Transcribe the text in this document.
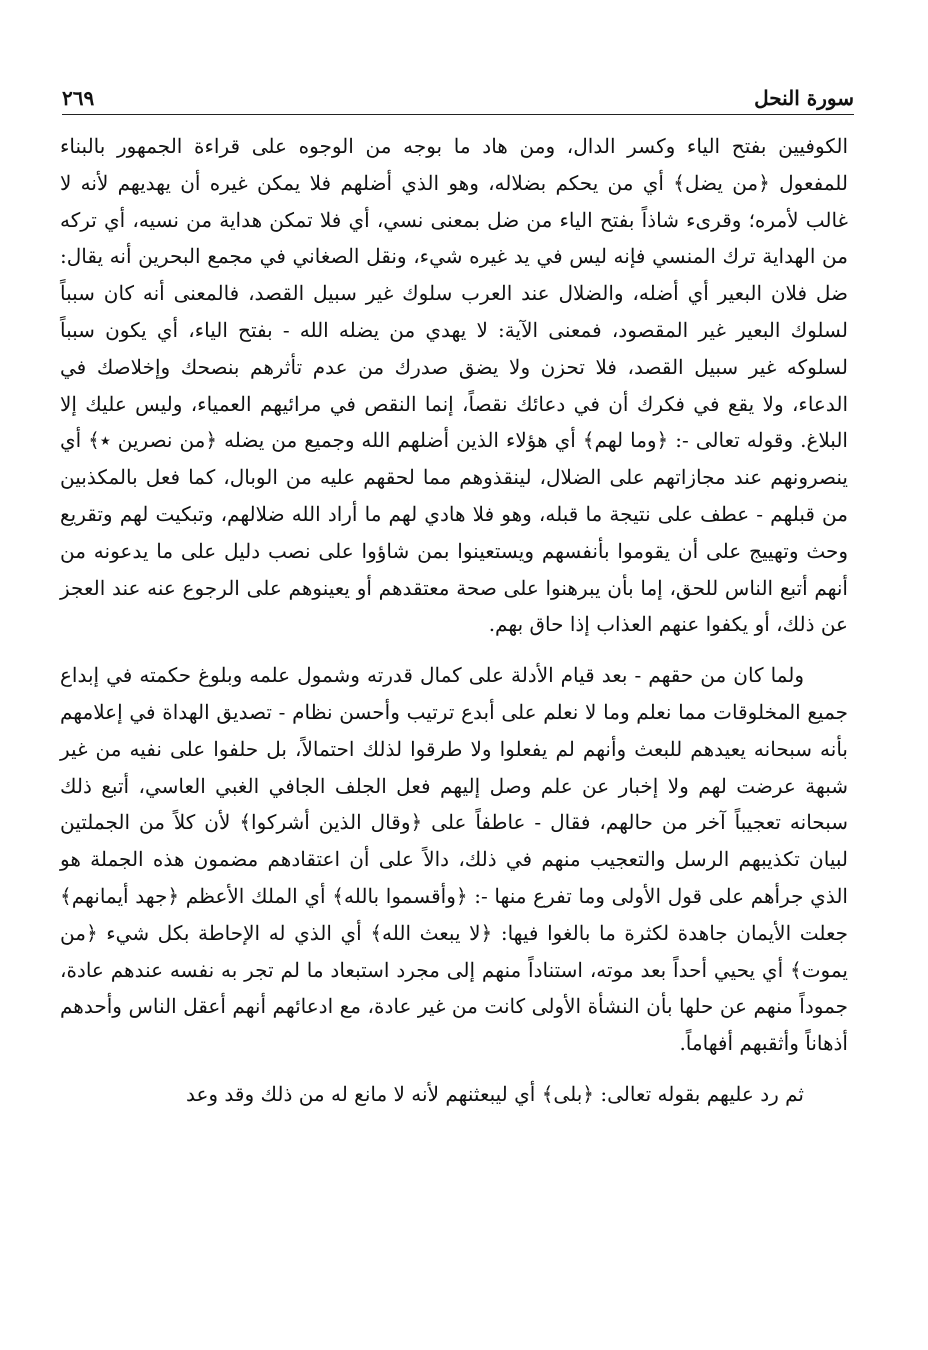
سورة النحل
٢٦٩

الكوفيين بفتح الياء وكسر الدال، ومن هاد ما بوجه من الوجوه على قراءة الجمهور بالبناء للمفعول ﴿من يضل﴾ أي من يحكم بضلاله، وهو الذي أضلهم فلا يمكن غيره أن يهديهم لأنه لا غالب لأمره؛ وقرىء شاذاً بفتح الياء من ضل بمعنى نسي، أي فلا تمكن هداية من نسيه، أي تركه من الهداية ترك المنسي فإنه ليس في يد غيره شيء، ونقل الصغاني في مجمع البحرين أنه يقال: ضل فلان البعير أي أضله، والضلال عند العرب سلوك غير سبيل القصد، فالمعنى أنه كان سبباً لسلوك البعير غير المقصود، فمعنى الآية: لا يهدي من يضله الله - بفتح الياء، أي يكون سبباً لسلوكه غير سبيل القصد، فلا تحزن ولا يضق صدرك من عدم تأثرهم بنصحك وإخلاصك في الدعاء، ولا يقع في فكرك أن في دعائك نقصاً، إنما النقص في مرائيهم العمياء، وليس عليك إلا البلاغ. وقوله تعالى -: ﴿وما لهم﴾ أي هؤلاء الذين أضلهم الله وجميع من يضله ﴿من نصرين ٭﴾ أي ينصرونهم عند مجازاتهم على الضلال، لينقذوهم مما لحقهم عليه من الوبال، كما فعل بالمكذبين من قبلهم - عطف على نتيجة ما قبله، وهو فلا هادي لهم ما أراد الله ضلالهم، وتبكيت لهم وتقريع وحث وتهييج على أن يقوموا بأنفسهم ويستعينوا بمن شاؤوا على نصب دليل على ما يدعونه من أنهم أتبع الناس للحق، إما بأن يبرهنوا على صحة معتقدهم أو يعينوهم على الرجوع عنه عند العجز عن ذلك، أو يكفوا عنهم العذاب إذا حاق بهم.

ولما كان من حقهم - بعد قيام الأدلة على كمال قدرته وشمول علمه وبلوغ حكمته في إبداع جميع المخلوقات مما نعلم وما لا نعلم على أبدع ترتيب وأحسن نظام - تصديق الهداة في إعلامهم بأنه سبحانه يعيدهم للبعث وأنهم لم يفعلوا ولا طرقوا لذلك احتمالاً، بل حلفوا على نفيه من غير شبهة عرضت لهم ولا إخبار عن علم وصل إليهم فعل الجلف الجافي الغبي العاسي، أتبع ذلك سبحانه تعجيباً آخر من حالهم، فقال - عاطفاً على ﴿وقال الذين أشركوا﴾ لأن كلاً من الجملتين لبيان تكذيبهم الرسل والتعجيب منهم في ذلك، دالاً على أن اعتقادهم مضمون هذه الجملة هو الذي جرأهم على قول الأولى وما تفرع منها -: ﴿وأقسموا بالله﴾ أي الملك الأعظم ﴿جهد أيمانهم﴾ جعلت الأيمان جاهدة لكثرة ما بالغوا فيها: ﴿لا يبعث الله﴾ أي الذي له الإحاطة بكل شيء ﴿من يموت﴾ أي يحيي أحداً بعد موته، استناداً منهم إلى مجرد استبعاد ما لم تجر به نفسه عندهم عادة، جموداً منهم عن حلها بأن النشأة الأولى كانت من غير عادة، مع ادعائهم أنهم أعقل الناس وأحدهم أذهاناً وأثقبهم أفهاماً.

ثم رد عليهم بقوله تعالى: ﴿بلى﴾ أي ليبعثنهم لأنه لا مانع له من ذلك وقد وعد
